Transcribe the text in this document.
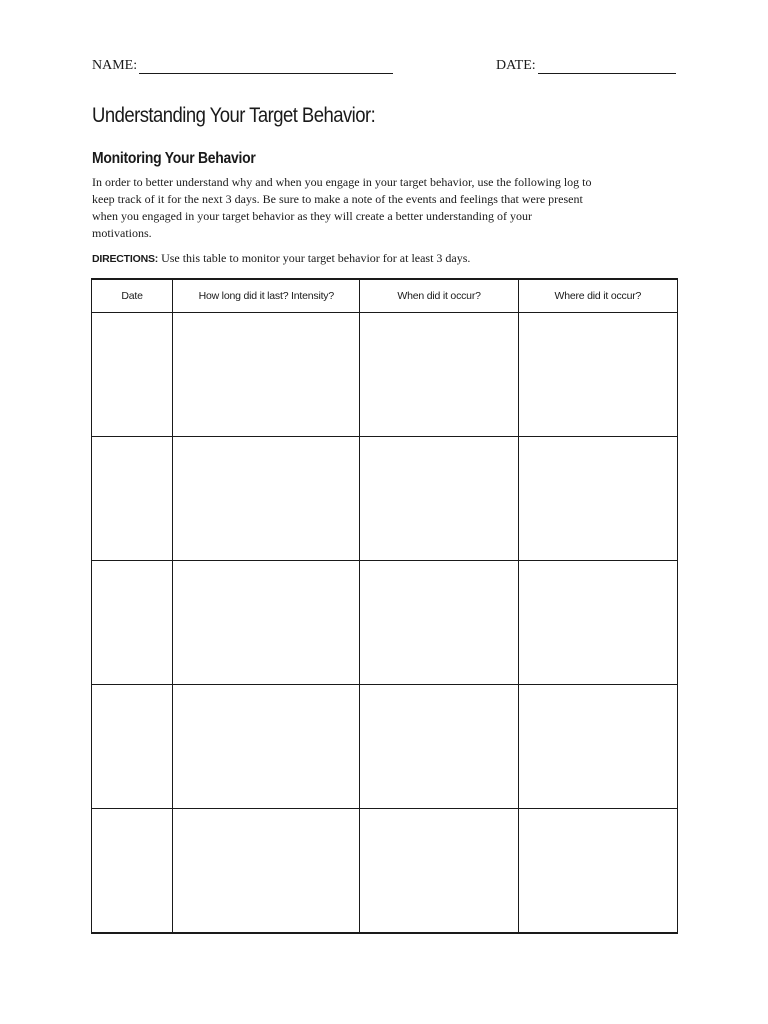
NAME:	DATE:
Understanding Your Target Behavior:
Monitoring Your Behavior

In order to better understand why and when you engage in your target behavior, use the following log to keep track of it for the next 3 days. Be sure to make a note of the events and feelings that were present when you engaged in your target behavior as they will create a better understanding of your motivations.

DIRECTIONS: Use this table to monitor your target behavior for at least 3 days.

Date	How long did it last? Intensity?	When did it occur?	Where did it occur?
